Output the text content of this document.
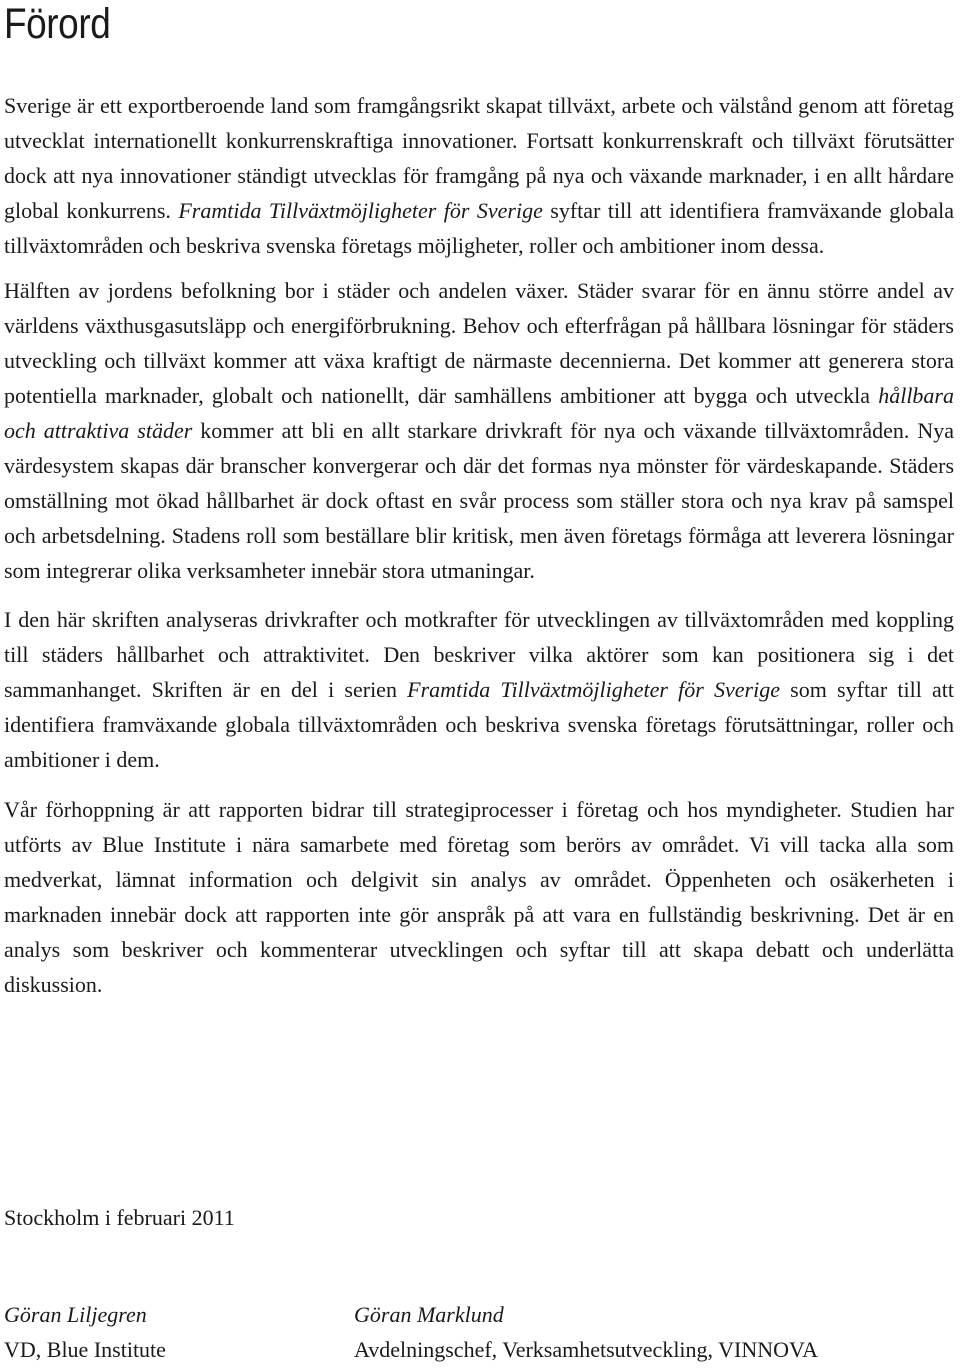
Förord

Sverige är ett exportberoende land som framgångsrikt skapat tillväxt, arbete och välstånd genom att företag utvecklat internationellt konkurrenskraftiga innovationer. Fortsatt konkurrenskraft och tillväxt förutsätter dock att nya innovationer ständigt utvecklas för framgång på nya och växande marknader, i en allt hårdare global konkurrens. Framtida Tillväxtmöjligheter för Sverige syftar till att identifiera framväxande globala tillväxtområden och beskriva svenska företags möjligheter, roller och ambitioner inom dessa.

Hälften av jordens befolkning bor i städer och andelen växer. Städer svarar för en ännu större andel av världens växthusgasutsläpp och energiförbrukning. Behov och efterfrågan på hållbara lösningar för städers utveckling och tillväxt kommer att växa kraftigt de närmaste decennierna. Det kommer att generera stora potentiella marknader, globalt och nationellt, där samhällens ambitioner att bygga och utveckla hållbara och attraktiva städer kommer att bli en allt starkare drivkraft för nya och växande tillväxtområden. Nya värdesystem skapas där branscher konvergerar och där det formas nya mönster för värdeskapande. Städers omställning mot ökad hållbarhet är dock oftast en svår process som ställer stora och nya krav på samspel och arbetsdelning. Stadens roll som beställare blir kritisk, men även företags förmåga att leverera lösningar som integrerar olika verksamheter innebär stora utmaningar.

I den här skriften analyseras drivkrafter och motkrafter för utvecklingen av tillväxtområden med koppling till städers hållbarhet och attraktivitet. Den beskriver vilka aktörer som kan positionera sig i det sammanhanget. Skriften är en del i serien Framtida Tillväxtmöjligheter för Sverige som syftar till att identifiera framväxande globala tillväxtområden och beskriva svenska företags förutsättningar, roller och ambitioner i dem.

Vår förhoppning är att rapporten bidrar till strategiprocesser i företag och hos myndigheter. Studien har utförts av Blue Institute i nära samarbete med företag som berörs av området. Vi vill tacka alla som medverkat, lämnat information och delgivit sin analys av området. Öppenheten och osäkerheten i marknaden innebär dock att rapporten inte gör anspråk på att vara en fullständig beskrivning. Det är en analys som beskriver och kommenterar utvecklingen och syftar till att skapa debatt och underlätta diskussion.

Stockholm i februari 2011

Göran Liljegren
VD, Blue Institute
Göran Marklund
Avdelningschef, Verksamhetsutveckling, VINNOVA
